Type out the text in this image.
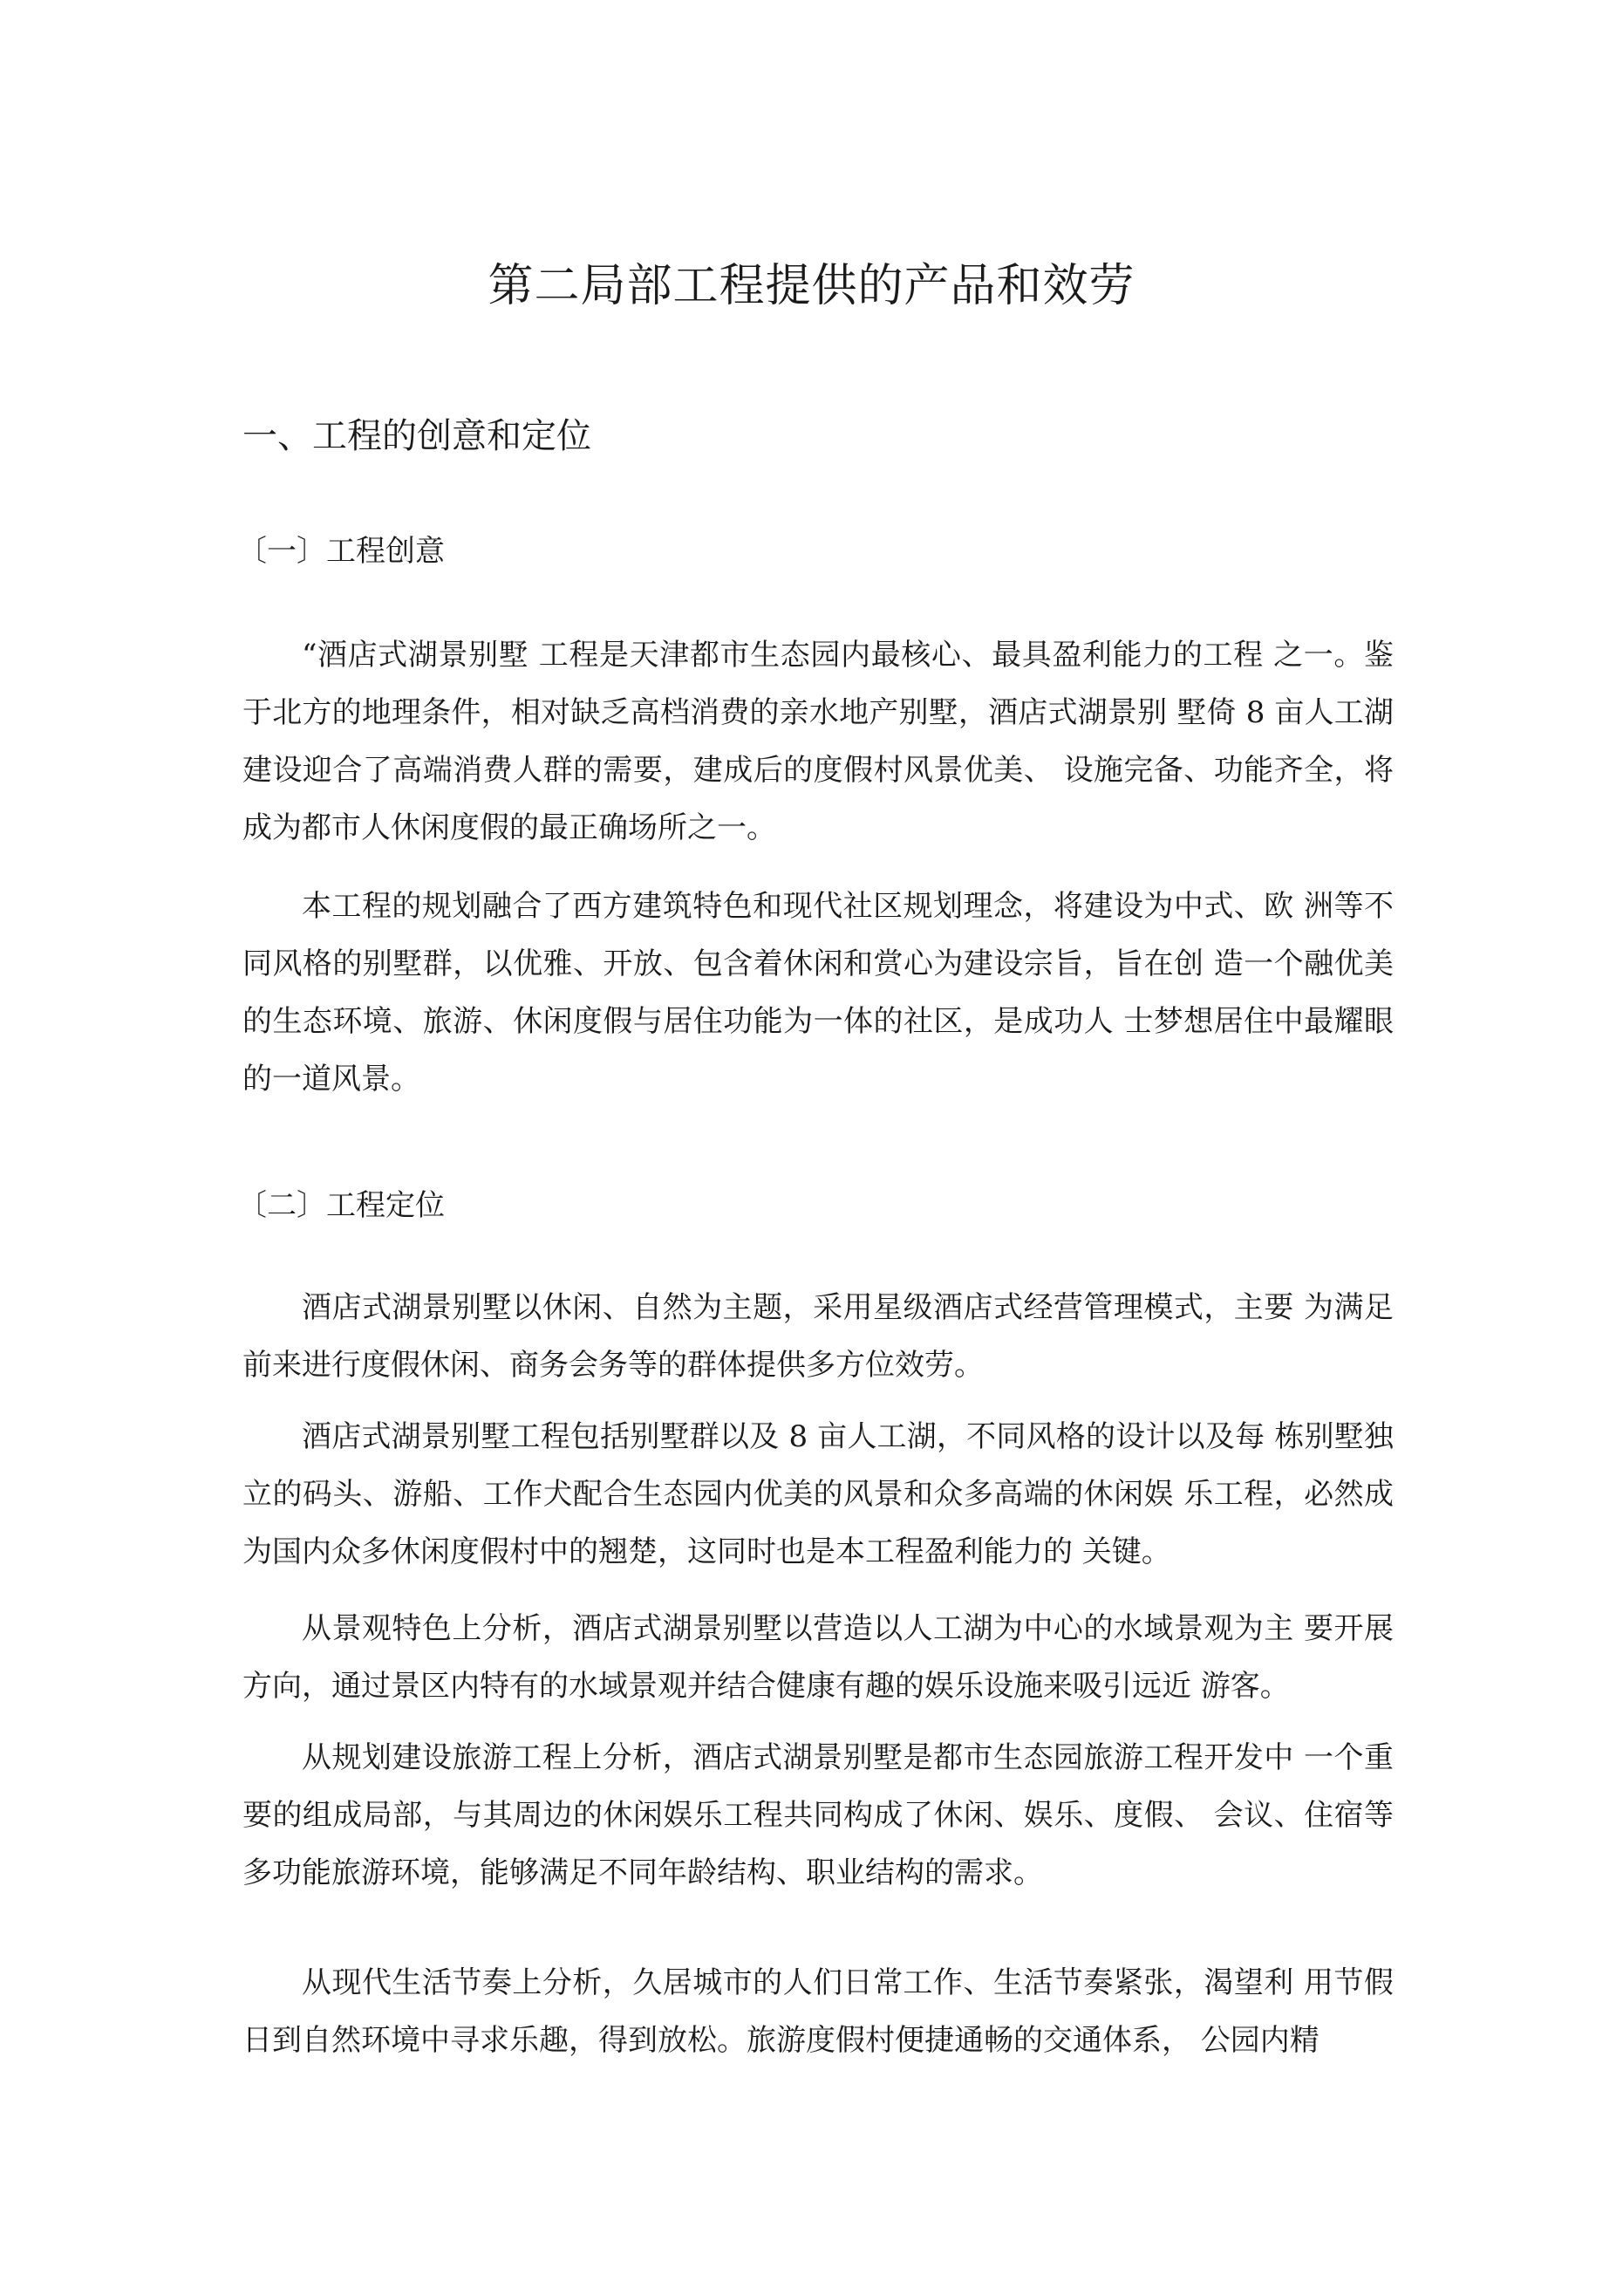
第二局部工程提供的产品和效劳
一、工程的创意和定位
〔一〕工程创意

“酒店式湖景别墅 工程是天津都市生态园内最核心、最具盈利能力的工程 之一。鉴于北方的地理条件，相对缺乏高档消费的亲水地产别墅，酒店式湖景别 墅倚 8 亩人工湖建设迎合了高端消费人群的需要，建成后的度假村风景优美、 设施完备、功能齐全，将成为都市人休闲度假的最正确场所之一。

本工程的规划融合了西方建筑特色和现代社区规划理念，将建设为中式、欧 洲等不同风格的别墅群，以优雅、开放、包含着休闲和赏心为建设宗旨，旨在创 造一个融优美的生态环境、旅游、休闲度假与居住功能为一体的社区，是成功人 士梦想居住中最耀眼的一道风景。

〔二〕工程定位

酒店式湖景别墅以休闲、自然为主题，采用星级酒店式经营管理模式，主要 为满足前来进行度假休闲、商务会务等的群体提供多方位效劳。

酒店式湖景别墅工程包括别墅群以及 8 亩人工湖，不同风格的设计以及每 栋别墅独立的码头、游船、工作犬配合生态园内优美的风景和众多高端的休闲娱 乐工程，必然成为国内众多休闲度假村中的翘楚，这同时也是本工程盈利能力的 关键。

从景观特色上分析，酒店式湖景别墅以营造以人工湖为中心的水域景观为主 要开展方向，通过景区内特有的水域景观并结合健康有趣的娱乐设施来吸引远近 游客。

从规划建设旅游工程上分析，酒店式湖景别墅是都市生态园旅游工程开发中 一个重要的组成局部，与其周边的休闲娱乐工程共同构成了休闲、娱乐、度假、 会议、住宿等多功能旅游环境，能够满足不同年龄结构、职业结构的需求。

从现代生活节奏上分析，久居城市的人们日常工作、生活节奏紧张，渴望利 用节假日到自然环境中寻求乐趣，得到放松。旅游度假村便捷通畅的交通体系， 公园内精
